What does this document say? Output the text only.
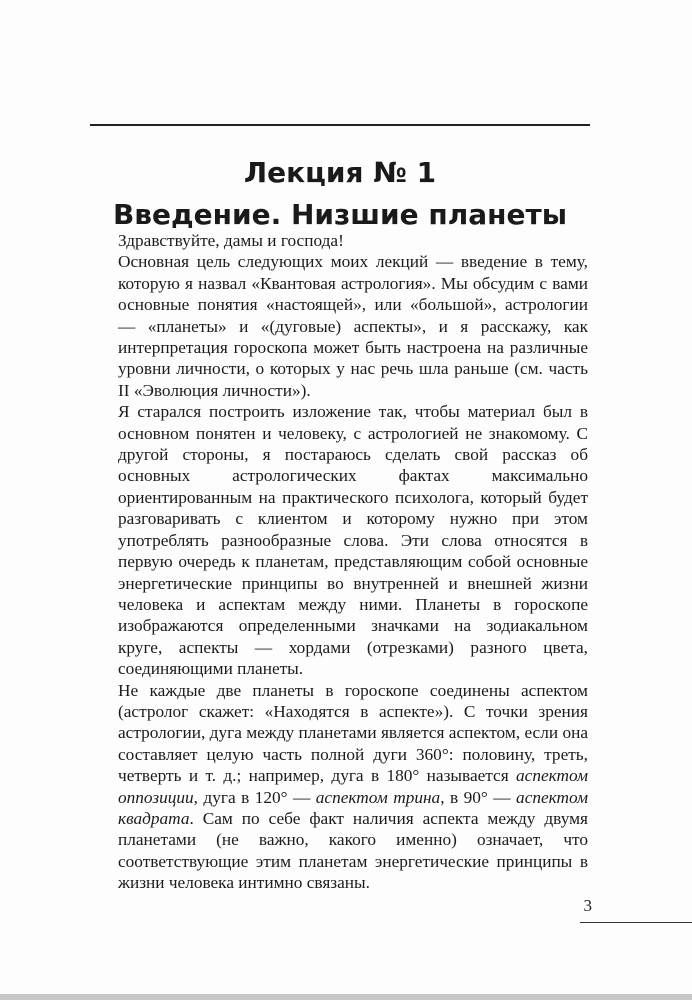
Лекция № 1
Введение. Низшие планеты

Здравствуйте, дамы и господа!

Основная цель следующих моих лекций — введение в тему, которую я назвал «Квантовая астрология». Мы обсудим с вами основные понятия «настоящей», или «большой», астрологии — «планеты» и «(дуговые) аспекты», и я расскажу, как интерпретация гороскопа может быть настроена на различные уровни личности, о которых у нас речь шла раньше (см. часть II «Эволюция личности»).

Я старался построить изложение так, чтобы материал был в основном понятен и человеку, с астрологией не знакомому. С другой стороны, я постараюсь сделать свой рассказ об основных астрологических фактах максимально ориентированным на практического психолога, который будет разговаривать с клиентом и которому нужно при этом употреблять разнообразные слова. Эти слова относятся в первую очередь к планетам, представляющим собой основные энергетические принципы во внутренней и внешней жизни человека и аспектам между ними. Планеты в гороскопе изображаются определенными значками на зодиакальном круге, аспекты — хордами (отрезками) разного цвета, соединяющими планеты.

Не каждые две планеты в гороскопе соединены аспектом (астролог скажет: «Находятся в аспекте»). С точки зрения астрологии, дуга между планетами является аспектом, если она составляет целую часть полной дуги 360°: половину, треть, четверть и т. д.; например, дуга в 180° называется аспектом оппозиции, дуга в 120° — аспектом трина, в 90° — аспектом квадрата. Сам по себе факт наличия аспекта между двумя планетами (не важно, какого именно) означает, что соответствующие этим планетам энергетические принципы в жизни человека интимно связаны.

3
